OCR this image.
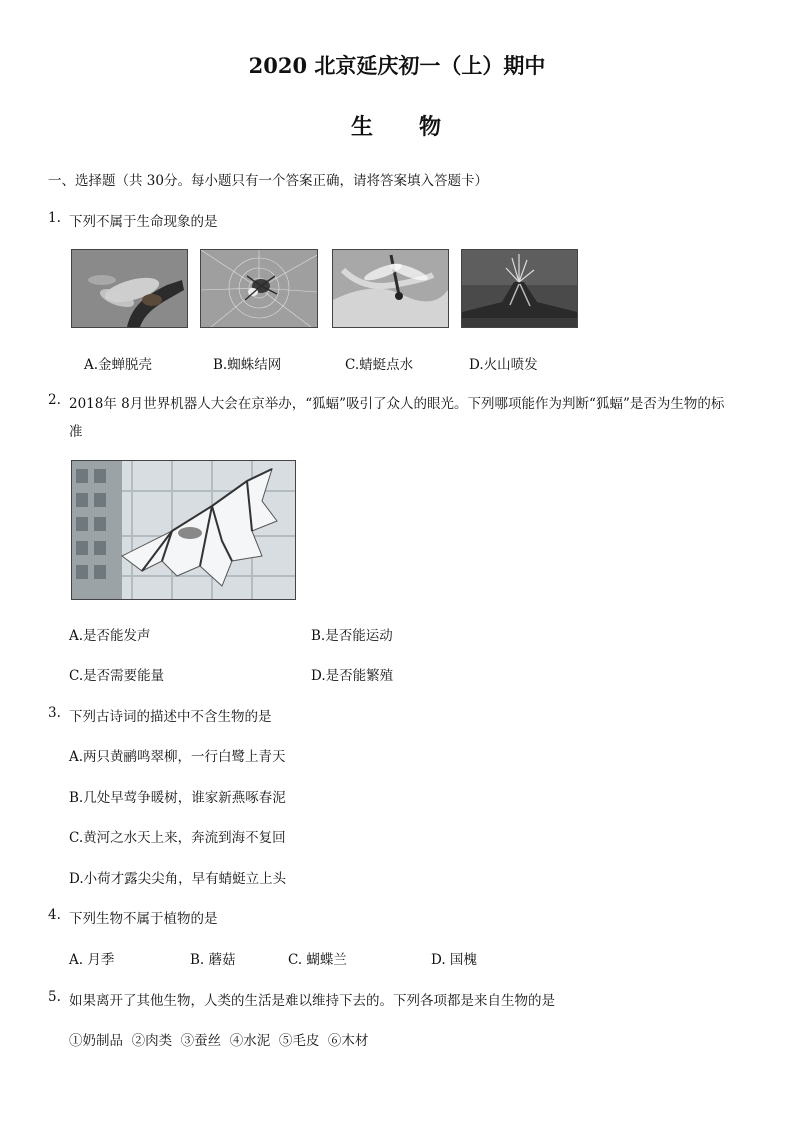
2020 北京延庆初一（上）期中
生 物
一、选择题（共 30分。每小题只有一个答案正确，请将答案填入答题卡）
1. 下列不属于生命现象的是
A.金蝉脱壳	B.蜘蛛结网	C.蜻蜓点水	D.火山喷发
2. 2018年 8月世界机器人大会在京举办，“狐蝠”吸引了众人的眼光。下列哪项能作为判断“狐蝠”是否为生物的标
准
A.是否能发声	B.是否能运动
C.是否需要能量	D.是否能繁殖
3. 下列古诗词的描述中不含生物的是
A.两只黄鹂鸣翠柳，一行白鹭上青天
B.几处早莺争暖树，谁家新燕啄春泥
C.黄河之水天上来，奔流到海不复回
D.小荷才露尖尖角，早有蜻蜓立上头
4. 下列生物不属于植物的是
A. 月季	B. 蘑菇	C. 蝴蝶兰	D. 国槐
5. 如果离开了其他生物，人类的生活是难以维持下去的。下列各项都是来自生物的是
①奶制品  ②肉类  ③蚕丝  ④水泥  ⑤毛皮  ⑥木材
